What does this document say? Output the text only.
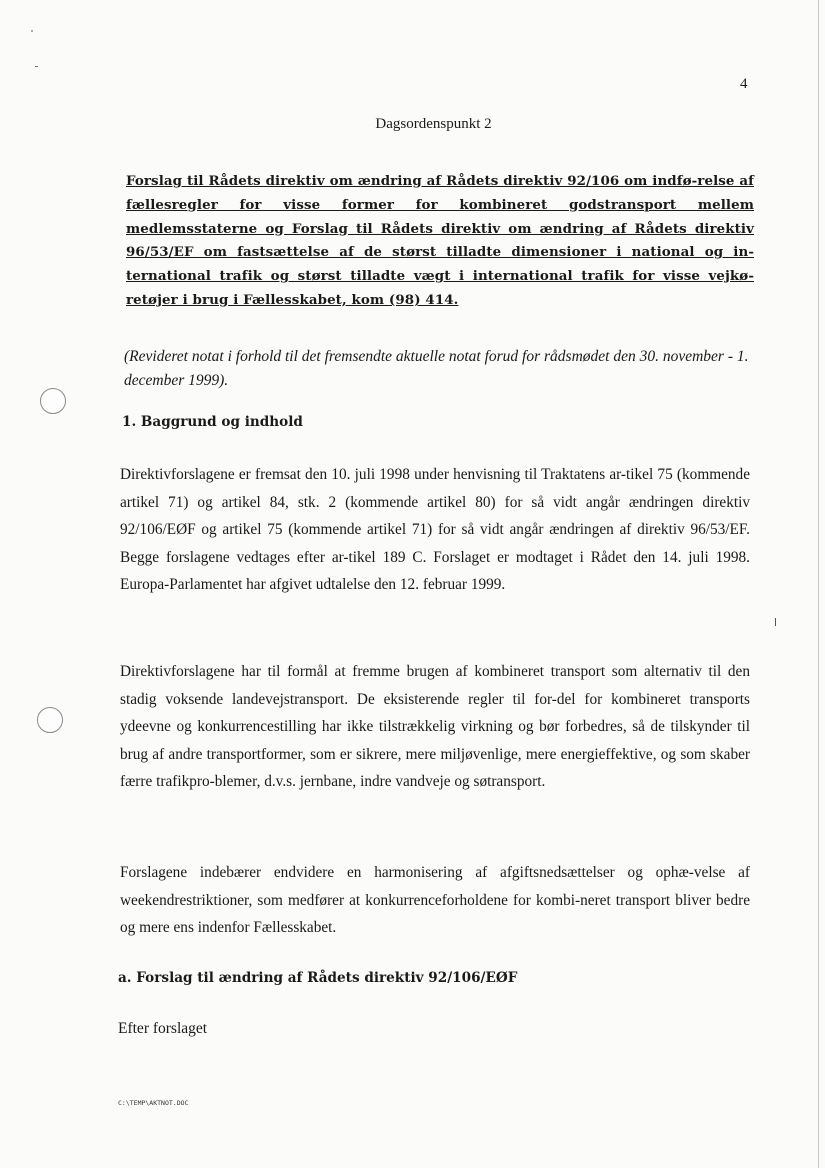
4
Dagsordenspunkt 2

Forslag til Rådets direktiv om ændring af Rådets direktiv 92/106 om indfø-relse af fællesregler for visse former for kombineret godstransport mellem medlemsstaterne og Forslag til Rådets direktiv om ændring af Rådets direktiv 96/53/EF om fastsættelse af de størst tilladte dimensioner i national og in-ternational trafik og størst tilladte vægt i international trafik for visse vejkø-retøjer i brug i Fællesskabet, kom (98) 414.

(Revideret notat i forhold til det fremsendte aktuelle notat forud for rådsmødet den 30. november - 1. december 1999).

1. Baggrund og indhold

Direktivforslagene er fremsat den 10. juli 1998 under henvisning til Traktatens ar-tikel 75 (kommende artikel 71) og artikel 84, stk. 2 (kommende artikel 80) for så vidt angår ændringen direktiv 92/106/EØF og artikel 75 (kommende artikel 71) for så vidt angår ændringen af direktiv 96/53/EF. Begge forslagene vedtages efter ar-tikel 189 C. Forslaget er modtaget i Rådet den 14. juli 1998. Europa-Parlamentet har afgivet udtalelse den 12. februar 1999.

Direktivforslagene har til formål at fremme brugen af kombineret transport som alternativ til den stadig voksende landevejstransport. De eksisterende regler til for-del for kombineret transports ydeevne og konkurrencestilling har ikke tilstrækkelig virkning og bør forbedres, så de tilskynder til brug af andre transportformer, som er sikrere, mere miljøvenlige, mere energieffektive, og som skaber færre trafikpro-blemer, d.v.s. jernbane, indre vandveje og søtransport.

Forslagene indebærer endvidere en harmonisering af afgiftsnedsættelser og ophæ-velse af weekendrestriktioner, som medfører at konkurrenceforholdene for kombi-neret transport bliver bedre og mere ens indenfor Fællesskabet.

a. Forslag til ændring af Rådets direktiv 92/106/EØF

Efter forslaget

C:\TEMP\AKTNOT.DOC
